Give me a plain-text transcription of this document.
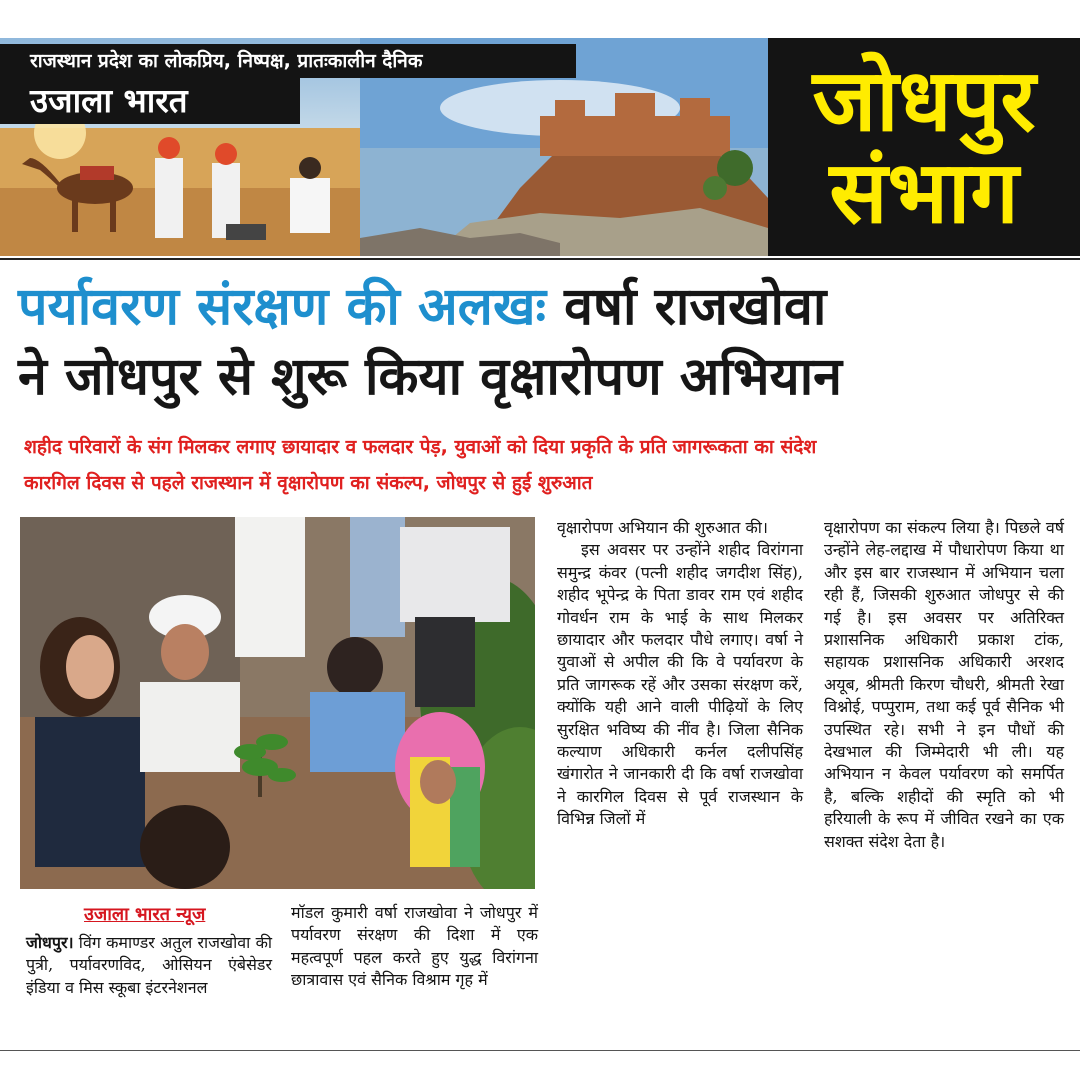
राजस्थान प्रदेश का लोकप्रिय, निष्पक्ष, प्रातःकालीन दैनिक
उजाला भारत	जोधपुर
संभाग
पर्यावरण संरक्षण की अलखः वर्षा राजखोवा
ने जोधपुर से शुरू किया वृक्षारोपण अभियान
शहीद परिवारों के संग मिलकर लगाए छायादार व फलदार पेड़, युवाओं को दिया प्रकृति के प्रति जागरूकता का संदेश
कारगिल दिवस से पहले राजस्थान में वृक्षारोपण का संकल्प, जोधपुर से हुई शुरुआत
उजाला भारत न्यूज

जोधपुर। विंग कमाण्डर अतुल राजखोवा की पुत्री, पर्यावरणविद, ओसियन एंबेसेडर इंडिया व मिस स्कूबा इंटरनेशनल

मॉडल कुमारी वर्षा राजखोवा ने जोधपुर में पर्यावरण संरक्षण की दिशा में एक महत्वपूर्ण पहल करते हुए युद्ध विरांगना छात्रावास एवं सैनिक विश्राम गृह में

वृक्षारोपण अभियान की शुरुआत की।

इस अवसर पर उन्होंने शहीद विरांगना समुन्द्र कंवर (पत्नी शहीद जगदीश सिंह), शहीद भूपेन्द्र के पिता डावर राम एवं शहीद गोवर्धन राम के भाई के साथ मिलकर छायादार और फलदार पौधे लगाए। वर्षा ने युवाओं से अपील की कि वे पर्यावरण के प्रति जागरूक रहें और उसका संरक्षण करें, क्योंकि यही आने वाली पीढ़ियों के लिए सुरक्षित भविष्य की नींव है। जिला सैनिक कल्याण अधिकारी कर्नल दलीपसिंह खंगारोत ने जानकारी दी कि वर्षा राजखोवा ने कारगिल दिवस से पूर्व राजस्थान के विभिन्न जिलों में

वृक्षारोपण का संकल्प लिया है। पिछले वर्ष उन्होंने लेह-लद्दाख में पौधारोपण किया था और इस बार राजस्थान में अभियान चला रही हैं, जिसकी शुरुआत जोधपुर से की गई है। इस अवसर पर अतिरिक्त प्रशासनिक अधिकारी प्रकाश टांक, सहायक प्रशासनिक अधिकारी अरशद अयूब, श्रीमती किरण चौधरी, श्रीमती रेखा विश्नोई, पप्पुराम, तथा कई पूर्व सैनिक भी उपस्थित रहे। सभी ने इन पौधों की देखभाल की जिम्मेदारी भी ली। यह अभियान न केवल पर्यावरण को समर्पित है, बल्कि शहीदों की स्मृति को भी हरियाली के रूप में जीवित रखने का एक सशक्त संदेश देता है।
